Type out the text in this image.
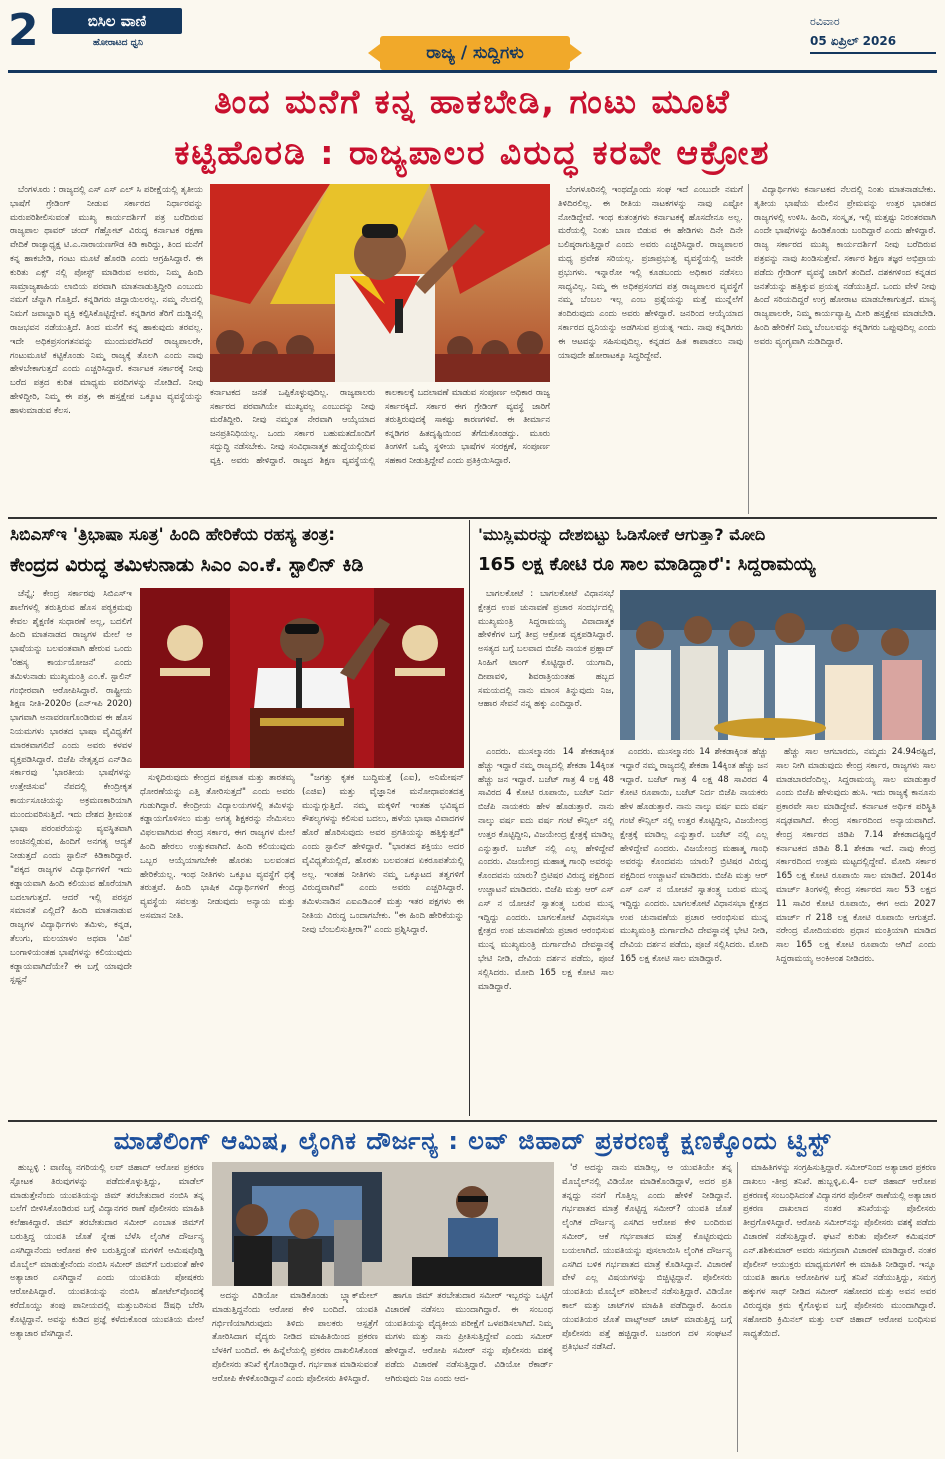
2	ಬಿಸಿಲ ವಾಣಿ
ಹೋರಾಟದ ಧ್ವನಿ	ರಾಜ್ಯ / ಸುದ್ದಿಗಳು
ರವಿವಾರ
05 ಏಪ್ರಿಲ್ 2026
ತಿಂದ ಮನೆಗೆ ಕನ್ನ ಹಾಕಬೇಡಿ, ಗಂಟು ಮೂಟೆ
ಕಟ್ಟಿಹೊರಡಿ : ರಾಜ್ಯಪಾಲರ ವಿರುದ್ಧ ಕರವೇ ಆಕ್ರೋಶ

ಬೆಂಗಳೂರು : ರಾಜ್ಯದಲ್ಲಿ ಎಸ್ ಎಸ್ ಎಲ್ ಸಿ ಪರೀಕ್ಷೆಯಲ್ಲಿ ತೃತೀಯ ಭಾಷೆಗೆ ಗ್ರೇಡಿಂಗ್ ನೀಡುವ ಸರ್ಕಾರದ ನಿರ್ಧಾರವನ್ನು ಮರುಪರಿಶೀಲಿಸುವಂತೆ ಮುಖ್ಯ ಕಾರ್ಯದರ್ಶಿಗೆ ಪತ್ರ ಬರೆದಿರುವ ರಾಜ್ಯಪಾಲ ಥಾವರ್ ಚಂದ್ ಗೆಹ್ಲೋಟ್ ವಿರುದ್ಧ ಕರ್ನಾಟಕ ರಕ್ಷಣಾ ವೇದಿಕೆ ರಾಜ್ಯಾಧ್ಯಕ್ಷ ಟಿ.ಎ.ನಾರಾಯಣಗೌಡ ಕಿಡಿ ಕಾರಿದ್ದು, ತಿಂದ ಮನೆಗೆ ಕನ್ನ ಹಾಕಬೇಡಿ, ಗಂಟು ಮೂಟೆ ಹೊರಡಿ ಎಂದು ಆಗ್ರಹಿಸಿದ್ದಾರೆ. ಈ ಕುರಿತು ಎಕ್ಸ್ ನಲ್ಲಿ ಪೋಸ್ಟ್ ಮಾಡಿರುವ ಅವರು, ನಿಮ್ಮ ಹಿಂದಿ ಸಾಮ್ರಾಜ್ಯಶಾಹಿಯ ಲಾಬಿಯ ಪರವಾಗಿ ಮಾತನಾಡುತ್ತಿದ್ದೀರಿ ಎಂಬುದು ನಮಗೆ ಚೆನ್ನಾಗಿ ಗೊತ್ತಿದೆ. ಕನ್ನಡಿಗರು ಜಿದ್ದಾಯಿಲರಲ್ಲ. ನಮ್ಮ ನೆಲದಲ್ಲಿ ನಿಮಗೆ ಜವಾಬ್ದಾರಿ ವ್ಯಕ್ತಿ ಕಲ್ಪಿಸಿಕೊಟ್ಟಿದ್ದೇವೆ. ಕನ್ನಡಿಗರ ತೆರಿಗೆ ದುಡ್ಡಿನಲ್ಲಿ ರಾಜಭವನ ನಡೆಯುತ್ತಿದೆ. ತಿಂದ ಮನೆಗೆ ಕನ್ನ ಹಾಕುವುದು ತರವಲ್ಲ. ಇದೇ ಅಧಿಕಪ್ರಸಂಗತನವನ್ನು ಮುಂದುವರೆಸಿದರೆ ರಾಜ್ಯಪಾಲರೇ, ಗಂಟುಮೂಟೆ ಕಟ್ಟಿಕೊಂಡು ನಿಮ್ಮ ರಾಜ್ಯಕ್ಕೆ ತೊಲಗಿ ಎಂದು ನಾವು ಹೇಳಬೇಕಾಗುತ್ತದೆ ಎಂದು ಎಚ್ಚರಿಸಿದ್ದಾರೆ. ಕರ್ನಾಟಕ ಸರ್ಕಾರಕ್ಕೆ ನೀವು ಬರೆದ ಪತ್ರದ ಕುರಿತ ಮಾಧ್ಯಮ ವರದಿಗಳನ್ನು ನೋಡಿದೆ. ನೀವು ಹೇಳಿದ್ದೀರಿ, ನಿಮ್ಮ ಈ ಪತ್ರ, ಈ ಹಸ್ತಕ್ಷೇಪ ಒಕ್ಕೂಟ ವ್ಯವಸ್ಥೆಯನ್ನು ಹಾಳುಮಾಡುವ ಕೆಲಸ.

ಕರ್ನಾಟಕದ ಜನತೆ ಒಪ್ಪಿಕೊಳ್ಳುವುದಿಲ್ಲ. ರಾಜ್ಯಪಾಲರು ಸರ್ಕಾರದ ಪರವಾಗಿಯೇ ಮುಖ್ಯವಲ್ಲ ಎಂಬುದನ್ನು ನೀವು ಮರೆತಿದ್ದೀರಿ. ನೀವು ನಮ್ಮಂತ ನೇರವಾಗಿ ಆಯ್ಕೆಯಾದ ಜನಪ್ರತಿನಿಧಿಯಲ್ಲ. ಒಂದು ಸರ್ಕಾರ ಬಹುಮತದೊಂದಿಗೆ ಸದ್ಬುದ್ಧಿ ನಡೆಸಬೇಕು. ನೀವು ಸಂವಿಧಾನಾತ್ಮಕ ಹುದ್ದೆಯಲ್ಲಿರುವ ವ್ಯಕ್ತಿ. ಅವರು ಹೇಳಿದ್ದಾರೆ. ರಾಜ್ಯದ ಶಿಕ್ಷಣ ವ್ಯವಸ್ಥೆಯಲ್ಲಿ ಕಾಲಕಾಲಕ್ಕೆ ಬದಲಾವಣೆ ಮಾಡುವ ಸಂಪೂರ್ಣ ಅಧಿಕಾರ ರಾಜ್ಯ ಸರ್ಕಾರಕ್ಕಿದೆ. ಸರ್ಕಾರ ಈಗ ಗ್ರೇಡಿಂಗ್ ವ್ಯವಸ್ಥೆ ಜಾರಿಗೆ ತರುತ್ತಿರುವುದಕ್ಕೆ ಸಾಕಷ್ಟು ಕಾರಣಗಳಿವೆ. ಈ ತೀರ್ಮಾನ ಕನ್ನಡಿಗರ ಹಿತದೃಷ್ಟಿಯಿಂದ ತೆಗೆದುಕೊಂಡದ್ದು. ಮೂರು ತಿಂಗಳಿಗೆ ಒಮ್ಮೆ ಸ್ಥಳೀಯ ಭಾಷೆಗಳ ಸಂರಕ್ಷಣೆ, ಸಂಪೂರ್ಣ ಸಹಕಾರ ನೀಡುತ್ತಿದ್ದೇವೆ ಎಂದು ಪ್ರತಿಕ್ರಿಯಿಸಿದ್ದಾರೆ.

ಬೆಂಗಳೂರಿನಲ್ಲಿ ಇಂಥದ್ದೊಂದು ಸಂಘ ಇದೆ ಎಂಬುದೇ ನಮಗೆ ತಿಳಿದಿರಲಿಲ್ಲ. ಈ ರೀತಿಯ ನಾಟಕಗಳನ್ನು ನಾವು ಎಷ್ಟೋ ನೋಡಿದ್ದೇವೆ. ಇಂಥ ಕುತಂತ್ರಗಳು ಕರ್ನಾಟಕಕ್ಕೆ ಹೊಸದೇನೂ ಅಲ್ಲ. ಮರೆಯಲ್ಲಿ ನಿಂತು ಬಾಣ ಬಿಡುವ ಈ ಹೇಡಿಗಳು ದಿನೇ ದಿನೇ ಬಲಿಷ್ಠರಾಗುತ್ತಿದ್ದಾರೆ ಎಂದು ಅವರು ಎಚ್ಚರಿಸಿದ್ದಾರೆ. ರಾಜ್ಯಪಾಲರ ಮಧ್ಯ ಪ್ರವೇಶ ಸರಿಯಲ್ಲ. ಪ್ರಜಾಪ್ರಭುತ್ವ ವ್ಯವಸ್ಥೆಯಲ್ಲಿ ಜನರೇ ಪ್ರಭುಗಳು. ಇನ್ನಾರೋ ಇಲ್ಲಿ ಕೂಡಬಂದು ಅಧಿಕಾರ ನಡೆಸಲು ಸಾಧ್ಯವಿಲ್ಲ. ನಿಮ್ಮ ಈ ಅಧಿಕಪ್ರಸಂಗದ ಪತ್ರ ರಾಜ್ಯಪಾಲರ ವ್ಯವಸ್ಥೆಗೆ ನಮ್ಮ ಬೆಂಬಲ ಇಲ್ಲ ಎಂಬ ಪ್ರಶ್ನೆಯನ್ನು ಮತ್ತೆ ಮುನ್ನೆಲೆಗೆ ತಂದಿರುವುದು ಎಂದು ಅವರು ಹೇಳಿದ್ದಾರೆ. ಜನರಿಂದ ಆಯ್ಕೆಯಾದ ಸರ್ಕಾರದ ಧ್ವನಿಯನ್ನು ಅಡಗಿಸುವ ಪ್ರಯತ್ನ ಇದು. ನಾವು ಕನ್ನಡಿಗರು ಈ ಆಟವನ್ನು ಸಹಿಸುವುದಿಲ್ಲ. ಕನ್ನಡದ ಹಿತ ಕಾಪಾಡಲು ನಾವು ಯಾವುದೇ ಹೋರಾಟಕ್ಕೂ ಸಿದ್ಧರಿದ್ದೇವೆ.

ವಿದ್ಯಾರ್ಥಿಗಳು ಕರ್ನಾಟಕದ ನೆಲದಲ್ಲಿ ನಿಂತು ಮಾತನಾಡಬೇಕು. ತೃತೀಯ ಭಾಷೆಯ ಮೇಲಿನ ಪ್ರೇಮವನ್ನು ಉತ್ತರ ಭಾರತದ ರಾಜ್ಯಗಳಲ್ಲಿ ಉಳಿಸಿ. ಹಿಂದಿ, ಸಂಸ್ಕೃತ, ಇಲ್ಲಿ ಮತ್ತಷ್ಟು ನಿರಂತರವಾಗಿ ಎಂದೇ ಭಾಷೆಗಳನ್ನು ಹಿಂಡಿಕೊಂಡು ಬಂದಿದ್ದಾರೆ ಎಂದು ಹೇಳಿದ್ದಾರೆ. ರಾಜ್ಯ ಸರ್ಕಾರದ ಮುಖ್ಯ ಕಾರ್ಯದರ್ಶಿಗೆ ನೀವು ಬರೆದಿರುವ ಪತ್ರವನ್ನು ನಾವು ಖಂಡಿಸುತ್ತೇವೆ. ಸರ್ಕಾರ ಶಿಕ್ಷಣ ತಜ್ಞರ ಅಭಿಪ್ರಾಯ ಪಡೆದು ಗ್ರೇಡಿಂಗ್ ವ್ಯವಸ್ಥೆ ಜಾರಿಗೆ ತಂದಿದೆ. ದಶಕಗಳಿಂದ ಕನ್ನಡದ ಜನತೆಯನ್ನು ಹತ್ತಿಕ್ಕುವ ಪ್ರಯತ್ನ ನಡೆಯುತ್ತಿದೆ. ಒಂದು ವೇಳೆ ನೀವು ಹಿಂದೆ ಸರಿಯದಿದ್ದರೆ ಉಗ್ರ ಹೋರಾಟ ಮಾಡಬೇಕಾಗುತ್ತದೆ. ಮಾನ್ಯ ರಾಜ್ಯಪಾಲರೇ, ನಿಮ್ಮ ಕಾರ್ಯವ್ಯಾಪ್ತಿ ಮೀರಿ ಹಸ್ತಕ್ಷೇಪ ಮಾಡಬೇಡಿ. ಹಿಂದಿ ಹೇರಿಕೆಗೆ ನಿಮ್ಮ ಬೆಂಬಲವನ್ನು ಕನ್ನಡಿಗರು ಒಪ್ಪುವುದಿಲ್ಲ ಎಂದು ಅವರು ವ್ಯಂಗ್ಯವಾಗಿ ನುಡಿದಿದ್ದಾರೆ.

ಸಿಬಿಎಸ್‌ಇ 'ತ್ರಿಭಾಷಾ ಸೂತ್ರ' ಹಿಂದಿ ಹೇರಿಕೆಯ ರಹಸ್ಯ ತಂತ್ರ:
ಕೇಂದ್ರದ ವಿರುದ್ಧ ತಮಿಳುನಾಡು ಸಿಎಂ ಎಂ.ಕೆ. ಸ್ಟಾಲಿನ್ ಕಿಡಿ

ಚೆನ್ನೈ: ಕೇಂದ್ರ ಸರ್ಕಾರವು ಸಿಬಿಎಸ್‌ಇ ಶಾಲೆಗಳಲ್ಲಿ ತರುತ್ತಿರುವ ಹೊಸ ಪಠ್ಯಕ್ರಮವು ಕೇವಲ ಶೈಕ್ಷಣಿಕ ಸುಧಾರಣೆ ಅಲ್ಲ, ಬದಲಿಗೆ ಹಿಂದಿ ಮಾತನಾಡದ ರಾಜ್ಯಗಳ ಮೇಲೆ ಆ ಭಾಷೆಯನ್ನು ಬಲವಂತವಾಗಿ ಹೇರುವ ಒಂದು 'ರಹಸ್ಯ ಕಾರ್ಯಯೋಜನೆ' ಎಂದು ತಮಿಳುನಾಡು ಮುಖ್ಯಮಂತ್ರಿ ಎಂ.ಕೆ. ಸ್ಟಾಲಿನ್ ಗಂಭೀರವಾಗಿ ಆರೋಪಿಸಿದ್ದಾರೆ. ರಾಷ್ಟ್ರೀಯ ಶಿಕ್ಷಣ ನೀತಿ-2020ರ (ಎನ್‌ಇಪಿ 2020) ಭಾಗವಾಗಿ ಅನಾವರಣಗೊಂಡಿರುವ ಈ ಹೊಸ ನಿಯಮಗಳು ಭಾರತದ ಭಾಷಾ ವೈವಿಧ್ಯತೆಗೆ ಮಾರಕವಾಗಲಿದೆ ಎಂದು ಅವರು ಕಳವಳ ವ್ಯಕ್ತಪಡಿಸಿದ್ದಾರೆ. ಬಿಜೆಪಿ ನೇತೃತ್ವದ ಎನ್‌ಡಿಎ ಸರ್ಕಾರವು 'ಭಾರತೀಯ ಭಾಷೆಗಳನ್ನು ಉತ್ತೇಜಿಸುವ' ನೆಪದಲ್ಲಿ ಕೇಂದ್ರೀಕೃತ ಕಾರ್ಯಸೂಚಿಯನ್ನು ಅಕ್ರಮಣಕಾರಿಯಾಗಿ ಮುಂದುವರಿಸುತ್ತಿದೆ. ಇದು ದೇಶದ ಶ್ರೀಮಂತ ಭಾಷಾ ಪರಂಪರೆಯನ್ನು ವ್ಯವಸ್ಥಿತವಾಗಿ ಅಂಚಿನಲ್ಲಿಡುವ, ಹಿಂದಿಗೆ ಅನಗತ್ಯ ಆದ್ಯತೆ ನೀಡುತ್ತದೆ ಎಂದು ಸ್ಟಾಲಿನ್ ಕಿಡಿಕಾರಿದ್ದಾರೆ. "ಪಕ್ಕದ ರಾಜ್ಯಗಳ ವಿದ್ಯಾರ್ಥಿಗಳಿಗೆ ಇದು ಕಡ್ಡಾಯವಾಗಿ ಹಿಂದಿ ಕಲಿಯುವ ಹೊರೆಯಾಗಿ ಬದಲಾಗುತ್ತದೆ. ಆದರೆ ಇಲ್ಲಿ ಪರಸ್ಪರ ಸಮಾನತೆ ಎಲ್ಲಿದೆ? ಹಿಂದಿ ಮಾತನಾಡುವ ರಾಜ್ಯಗಳ ವಿದ್ಯಾರ್ಥಿಗಳು ತಮಿಳು, ಕನ್ನಡ, ತೆಲುಗು, ಮಲಯಾಳಂ ಅಥವಾ 'ವಿಪ' ಬಂಗಾಳಿಯಂತಹ ಭಾಷೆಗಳನ್ನು ಕಲಿಯುವುದು ಕಡ್ಡಾಯವಾಗಿದೆಯೇ? ಈ ಬಗ್ಗೆ ಯಾವುದೇ ಸ್ಪಷ್ಟನೆ

ಸುಳ್ಳಿದಿರುವುದು ಕೇಂದ್ರದ ಪಕ್ಷಪಾತ ಮತ್ತು ತಾರತಮ್ಯ ಧೋರಣೆಯನ್ನು ಎತ್ತಿ ತೋರಿಸುತ್ತದೆ" ಎಂದು ಅವರು ಗುಡುಗಿದ್ದಾರೆ. ಕೇಂದ್ರೀಯ ವಿದ್ಯಾಲಯಗಳಲ್ಲಿ ತಮಿಳನ್ನು ಕಡ್ಡಾಯಗೊಳಿಸಲು ಮತ್ತು ಅಗತ್ಯ ಶಿಕ್ಷಕರನ್ನು ನೇಮಿಸಲು ವಿಫಲವಾಗಿರುವ ಕೇಂದ್ರ ಸರ್ಕಾರ, ಈಗ ರಾಜ್ಯಗಳ ಮೇಲೆ ಹಿಂದಿ ಹೇರಲು ಉತ್ಸುಕವಾಗಿದೆ. ಹಿಂದಿ ಕಲಿಯುವುದು ಒಬ್ಬರ ಆಯ್ಕೆಯಾಗಬೇಕೇ ಹೊರತು ಬಲವಂತದ ಹೇರಿಕೆಯಲ್ಲ. ಇಂಥ ನೀತಿಗಳು ಒಕ್ಕೂಟ ವ್ಯವಸ್ಥೆಗೆ ಧಕ್ಕೆ ತರುತ್ತವೆ. ಹಿಂದಿ ಭಾಷಿಕ ವಿದ್ಯಾರ್ಥಿಗಳಿಗೆ ಕೇಂದ್ರ ವ್ಯವಸ್ಥೆಯ ಸವಲತ್ತು ನೀಡುವುದು ಅನ್ಯಾಯ ಮತ್ತು ಅಸಮಾನ ನೀತಿ.

"ಜಗತ್ತು ಕೃತಕ ಬುದ್ಧಿಮತ್ತೆ (ಎಐ), ಅನಿಮೇಷನ್ (ಎಜಿಐ) ಮತ್ತು ವೈಜ್ಞಾನಿಕ ಮನೋಧಾವಂತದತ್ತ ಮುನ್ನುಗ್ಗುತ್ತಿದೆ. ನಮ್ಮ ಮಕ್ಕಳಿಗೆ ಇಂತಹ ಭವಿಷ್ಯದ ಕೌಶಲ್ಯಗಳನ್ನು ಕಲಿಸುವ ಬದಲು, ಹಳೆಯ ಭಾಷಾ ವಿವಾದಗಳ ಹೊರೆ ಹೊರಿಸುವುದು ಅವರ ಪ್ರಗತಿಯನ್ನು ಹತ್ತಿಕ್ಕುತ್ತದೆ" ಎಂದು ಸ್ಟಾಲಿನ್ ಹೇಳಿದ್ದಾರೆ. "ಭಾರತದ ಶಕ್ತಿಯು ಅದರ ವೈವಿಧ್ಯತೆಯಲ್ಲಿದೆ, ಹೊರತು ಬಲವಂತದ ಏಕರೂಪತೆಯಲ್ಲಿ ಅಲ್ಲ. ಇಂತಹ ನೀತಿಗಳು ನಮ್ಮ ಒಕ್ಕೂಟದ ತತ್ವಗಳಿಗೆ ವಿರುದ್ಧವಾಗಿವೆ" ಎಂದು ಅವರು ಎಚ್ಚರಿಸಿದ್ದಾರೆ. ತಮಿಳುನಾಡಿನ ಎಐಎಡಿಎಂಕೆ ಮತ್ತು ಇತರ ಪಕ್ಷಗಳು ಈ ನೀತಿಯ ವಿರುದ್ಧ ಒಂದಾಗಬೇಕು. "ಈ ಹಿಂದಿ ಹೇರಿಕೆಯನ್ನು ನೀವು ಬೆಂಬಲಿಸುತ್ತೀರಾ?" ಎಂದು ಪ್ರಶ್ನಿಸಿದ್ದಾರೆ.

'ಮುಸ್ಲಿಮರನ್ನು ದೇಶಬಿಟ್ಟು ಓಡಿಸೋಕೆ ಆಗುತ್ತಾ? ಮೋದಿ
165 ಲಕ್ಷ ಕೋಟಿ ರೂ ಸಾಲ ಮಾಡಿದ್ದಾರೆ': ಸಿದ್ದರಾಮಯ್ಯ

ಬಾಗಲಕೋಟೆ : ಬಾಗಲಕೋಟೆ ವಿಧಾನಸಭೆ ಕ್ಷೇತ್ರದ ಉಪ ಚುನಾವಣೆ ಪ್ರಚಾರ ಸಂದರ್ಭದಲ್ಲಿ ಮುಖ್ಯಮಂತ್ರಿ ಸಿದ್ದರಾಮಯ್ಯ ವಿವಾದಾತ್ಮಕ ಹೇಳಿಕೆಗಳ ಬಗ್ಗೆ ತೀವ್ರ ಆಕ್ರೋಶ ವ್ಯಕ್ತಪಡಿಸಿದ್ದಾರೆ. ಅಸತ್ಯದ ಬಗ್ಗೆ ಬಲವಾದ ಬಿಜೆಪಿ ನಾಯಕ ಪ್ರಹ್ಲಾದ್ ಸಿಂಹಿಗೆ ಟಾಂಗ್ ಕೊಟ್ಟಿದ್ದಾರೆ. ಯುಗಾದಿ, ದೀಪಾವಳಿ, ಶಿವರಾತ್ರಿಯಂತಹ ಹಬ್ಬದ ಸಮಯದಲ್ಲಿ ನಾನು ಮಾಂಸ ತಿನ್ನುವುದು ನಿಜ, ಆಹಾರ ಸೇವನೆ ನನ್ನ ಹಕ್ಕು ಎಂದಿದ್ದಾರೆ.

ಎಂದರು. ಮುಸಲ್ಮಾನರು 14 ಶೇಕಡಾಕ್ಕಿಂತ ಹೆಚ್ಚು ಇದ್ದಾರೆ ನಮ್ಮ ರಾಜ್ಯದಲ್ಲಿ ಶೇಕಡಾ 14ಕ್ಕಿಂತ ಹೆಚ್ಚು ಜನ ಇದ್ದಾರೆ. ಬಜೆಟ್ ಗಾತ್ರ 4 ಲಕ್ಷ 48 ಸಾವಿರದ 4 ಕೋಟಿ ರೂಪಾಯಿ, ಬಜೆಟ್ ನಿರ್ದ ಬಿಜೆಪಿ ನಾಯಕರು ಹೇಳ ಹೊಡುತ್ತಾರೆ. ನಾನು ನಾಲ್ಕು ವರ್ಷ ಐದು ವರ್ಷ ಗಂಟೆ ಕೌನ್ಸಿಲ್ ನಲ್ಲಿ ಉತ್ತರ ಕೊಟ್ಟಿದ್ದೀನಿ, ವಿಜಯೇಂದ್ರ ಕ್ಷೇತ್ರಕ್ಕೆ ಮಾಡಿಲ್ಲ ಎನ್ನುತ್ತಾರೆ. ಬಜೆಟ್ ನಲ್ಲಿ ಎಲ್ಲ ಹೇಳಿದ್ದೇವೆ ಎಂದರು. ವಿಜಯೇಂದ್ರ ಮಹಾತ್ಮ ಗಾಂಧಿ ಅವರನ್ನು ಕೊಂದವನು ಯಾರು? ಬ್ರಿಟಿಷರ ವಿರುದ್ಧ ಪಕ್ಷದಿಂದ ಉಚ್ಚಾಟನೆ ಮಾಡಿದರು. ಬಿಜೆಪಿ ಮತ್ತು ಆರ್ ಎಸ್ ಎಸ್ ನ ಯೋಚನೆ ಸ್ವಾತಂತ್ರ್ಯ ಬರುವ ಮುನ್ನ ಇದ್ದಿದ್ದು ಎಂದರು. ಬಾಗಲಕೋಟೆ ವಿಧಾನಸಭಾ ಕ್ಷೇತ್ರದ ಉಪ ಚುನಾವಣೆಯ ಪ್ರಚಾರ ಆರಂಭಿಸುವ ಮುನ್ನ ಮುಖ್ಯಮಂತ್ರಿ ದುರ್ಗಾದೇವಿ ದೇವಸ್ಥಾನಕ್ಕೆ ಭೇಟಿ ನೀಡಿ, ದೇವಿಯ ದರ್ಶನ ಪಡೆದು, ಪೂಜೆ ಸಲ್ಲಿಸಿದರು. ಮೋದಿ 165 ಲಕ್ಷ ಕೋಟಿ ಸಾಲ ಮಾಡಿದ್ದಾರೆ.

ಎಂದರು. ಮುಸಲ್ಮಾನರು 14 ಶೇಕಡಾಕ್ಕಿಂತ ಹೆಚ್ಚು ಇದ್ದಾರೆ ನಮ್ಮ ರಾಜ್ಯದಲ್ಲಿ ಶೇಕಡಾ 14ಕ್ಕಿಂತ ಹೆಚ್ಚು ಜನ ಇದ್ದಾರೆ. ಬಜೆಟ್ ಗಾತ್ರ 4 ಲಕ್ಷ 48 ಸಾವಿರದ 4 ಕೋಟಿ ರೂಪಾಯಿ, ಬಜೆಟ್ ನಿರ್ದ ಬಿಜೆಪಿ ನಾಯಕರು ಹೇಳ ಹೊಡುತ್ತಾರೆ. ನಾನು ನಾಲ್ಕು ವರ್ಷ ಐದು ವರ್ಷ ಗಂಟೆ ಕೌನ್ಸಿಲ್ ನಲ್ಲಿ ಉತ್ತರ ಕೊಟ್ಟಿದ್ದೀನಿ, ವಿಜಯೇಂದ್ರ ಕ್ಷೇತ್ರಕ್ಕೆ ಮಾಡಿಲ್ಲ ಎನ್ನುತ್ತಾರೆ. ಬಜೆಟ್ ನಲ್ಲಿ ಎಲ್ಲ ಹೇಳಿದ್ದೇವೆ ಎಂದರು. ವಿಜಯೇಂದ್ರ ಮಹಾತ್ಮ ಗಾಂಧಿ ಅವರನ್ನು ಕೊಂದವನು ಯಾರು? ಬ್ರಿಟಿಷರ ವಿರುದ್ಧ ಪಕ್ಷದಿಂದ ಉಚ್ಚಾಟನೆ ಮಾಡಿದರು. ಬಿಜೆಪಿ ಮತ್ತು ಆರ್ ಎಸ್ ಎಸ್ ನ ಯೋಚನೆ ಸ್ವಾತಂತ್ರ್ಯ ಬರುವ ಮುನ್ನ ಇದ್ದಿದ್ದು ಎಂದರು. ಬಾಗಲಕೋಟೆ ವಿಧಾನಸಭಾ ಕ್ಷೇತ್ರದ ಉಪ ಚುನಾವಣೆಯ ಪ್ರಚಾರ ಆರಂಭಿಸುವ ಮುನ್ನ ಮುಖ್ಯಮಂತ್ರಿ ದುರ್ಗಾದೇವಿ ದೇವಸ್ಥಾನಕ್ಕೆ ಭೇಟಿ ನೀಡಿ, ದೇವಿಯ ದರ್ಶನ ಪಡೆದು, ಪೂಜೆ ಸಲ್ಲಿಸಿದರು. ಮೋದಿ 165 ಲಕ್ಷ ಕೋಟಿ ಸಾಲ ಮಾಡಿದ್ದಾರೆ.

ಹೆಚ್ಚು ಸಾಲ ಆಗಬಾರದು, ನಮ್ಮದು 24.94ರಷ್ಟಿದೆ, ಸಾಲ ನೀಗಿ ಮಾಡುವುದು ಕೇಂದ್ರ ಸರ್ಕಾರ, ರಾಜ್ಯಗಳು ಸಾಲ ಮಾಡಬಾರದೆಂದಿಲ್ಲ. ಸಿದ್ದರಾಮಯ್ಯ ಸಾಲ ಮಾಡುತ್ತಾರೆ ಎಂದು ಬಿಜೆಪಿ ಹೇಳುವುದು ಹುಸಿ. ಇದು ರಾಜ್ಯಕ್ಕೆ ಕಾನೂನು ಪ್ರಕಾರವೇ ಸಾಲ ಮಾಡಿದ್ದೇವೆ. ಕರ್ನಾಟಕ ಅರ್ಥಿಕ ಪರಿಸ್ಥಿತಿ ಸದೃಢವಾಗಿದೆ. ಕೇಂದ್ರ ಸರ್ಕಾರದಿಂದ ಅನ್ಯಾಯವಾಗಿದೆ. ಕೇಂದ್ರ ಸರ್ಕಾರದ ಜಿಡಿಪಿ 7.14 ಶೇಕಡಾದಷ್ಟಿದ್ದರೆ ಕರ್ನಾಟಕದ ಜಿಡಿಪಿ 8.1 ಶೇಕಡಾ ಇದೆ. ನಾವು ಕೇಂದ್ರ ಸರ್ಕಾರದಿಂದ ಉತ್ತಮ ಮಟ್ಟದಲ್ಲಿದ್ದೇವೆ. ಮೋದಿ ಸರ್ಕಾರ 165 ಲಕ್ಷ ಕೋಟಿ ರೂಪಾಯಿ ಸಾಲ ಮಾಡಿದೆ. 2014ರ ಮಾರ್ಚ್ ತಿಂಗಳಲ್ಲಿ ಕೇಂದ್ರ ಸರ್ಕಾರದ ಸಾಲ 53 ಲಕ್ಷದ 11 ಸಾವಿರ ಕೋಟಿ ರೂಪಾಯಿ, ಈಗ ಅದು 2027 ಮಾರ್ಚ್ ಗೆ 218 ಲಕ್ಷ ಕೋಟಿ ರೂಪಾಯಿ ಆಗುತ್ತದೆ. ನರೇಂದ್ರ ಮೋದಿಯವರು ಪ್ರಧಾನ ಮಂತ್ರಿಯಾಗಿ ಮಾಡಿದ ಸಾಲ 165 ಲಕ್ಷ ಕೋಟಿ ರೂಪಾಯಿ ಆಗಿದೆ ಎಂದು ಸಿದ್ದರಾಮಯ್ಯ ಅಂಕಿಅಂಶ ನೀಡಿದರು.

ಮಾಡೆಲಿಂಗ್ ಆಮಿಷ, ಲೈಂಗಿಕ ದೌರ್ಜನ್ಯ : ಲವ್ ಜಿಹಾದ್ ಪ್ರಕರಣಕ್ಕೆ ಕ್ಷಣಕ್ಕೊಂದು ಟ್ವಿಸ್ಟ್

ಹುಬ್ಬಳ್ಳಿ : ವಾಣಿಜ್ಯ ನಗರಿಯಲ್ಲಿ ಲವ್ ಜಿಹಾದ್ ಆರೋಪ ಪ್ರಕರಣ ಸ್ಫೋಟಕ ತಿರುವುಗಳನ್ನು ಪಡೆದುಕೊಳ್ಳುತ್ತಿದ್ದು, ಮಾಡೆಲ್ ಮಾಡುತ್ತೇನೆಂದು ಯುವತಿಯನ್ನು ಜಿಮ್ ತರಬೇತುದಾರ ನಂಬಿಸಿ ತನ್ನ ಬಲೆಗೆ ಬೀಳಿಸಿಕೊಂಡಿರುವ ಬಗ್ಗೆ ವಿದ್ಯಾನಗರ ಠಾಣೆ ಪೊಲೀಸರು ಮಾಹಿತಿ ಕಲೆಹಾಕಿದ್ದಾರೆ. ಜಿಮ್ ತರಬೇತುದಾರ ಸಮೀರ್ ಎಂಬಾತ ಜಿಮ್‌ಗೆ ಬರುತ್ತಿದ್ದ ಯುವತಿ ಜೊತೆ ಸ್ನೇಹ ಬೆಳೆಸಿ ಲೈಂಗಿಕ ದೌರ್ಜನ್ಯ ಎಸಗಿದ್ದಾನೆಂದು ಆರೋಪ ಕೇಳಿ ಬರುತ್ತಿದ್ದಂತೆ ಮಗಳಿಗೆ ಆಮಿಷವೊಡ್ಡಿ ಮೊಬೈಲ್ ಮಾಡುತ್ತೇನೆಂದು ನಂಬಿಸಿ ಸಮೀರ್ ಜಿಮ್‌ಗೆ ಬರುವಂತೆ ಹೇಳಿ ಅತ್ಯಾಚಾರ ಎಸಗಿದ್ದಾನೆ ಎಂದು ಯುವತಿಯ ಪೋಷಕರು ಆರೋಪಿಸಿದ್ದಾರೆ. ಯುವತಿಯನ್ನು ನಂಬಿಸಿ ಹೋಟೆಲ್‌ವೊಂದಕ್ಕೆ ಕರೆದೊಯ್ದು ತಂಪು ಪಾನೀಯದಲ್ಲಿ ಮತ್ತುಬರಿಸುವ ಔಷಧಿ ಬೆರೆಸಿ ಕೊಟ್ಟಿದ್ದಾನೆ. ಅವನ್ನು ಕುಡಿದ ಪ್ರಜ್ಞೆ ಕಳೆದುಕೊಂಡ ಯುವತಿಯ ಮೇಲೆ ಅತ್ಯಾಚಾರ ವೆಸಗಿದ್ದಾನೆ.

ಅದನ್ನು ವಿಡಿಯೋ ಮಾಡಿಕೊಂಡು ಬ್ಲ್ಯಾಕ್‌ಮೇಲ್ ಮಾಡುತ್ತಿದ್ದನೆಂದು ಆರೋಪ ಕೇಳಿ ಬಂದಿದೆ. ಯುವತಿ ಗರ್ಭಿಣಿಯಾಗಿರುವುದು ತಿಳಿದು ಪಾಲಕರು ಆಸ್ಪತ್ರೆಗೆ ತೋರಿಸಿದಾಗ ವೈದ್ಯರು ನೀಡಿದ ಮಾಹಿತಿಯಿಂದ ಪ್ರಕರಣ ಬೆಳಕಿಗೆ ಬಂದಿದೆ. ಈ ಹಿನ್ನೆಲೆಯಲ್ಲಿ ಪ್ರಕರಣ ದಾಖಲಿಸಿಕೊಂಡ ಪೊಲೀಸರು ತನಿಖೆ ಕೈಗೊಂಡಿದ್ದಾರೆ. ಗರ್ಭಪಾತ ಮಾಡಿಸುವಂತೆ ಆರೋಪಿ ಕೇಳಿಕೊಂಡಿದ್ದಾನೆ ಎಂದು ಪೊಲೀಸರು ತಿಳಿಸಿದ್ದಾರೆ.

ಹಾಗೂ ಜಿಮ್ ತರಬೇತುದಾರ ಸಮೀರ್ ಇಬ್ಬರನ್ನು ಒಟ್ಟಿಗೆ ವಿಚಾರಣೆ ನಡೆಸಲು ಮುಂದಾಗಿದ್ದಾರೆ. ಈ ಸಂಬಂಧ ಯುವತಿಯನ್ನು ವೈದ್ಯಕೀಯ ಪರೀಕ್ಷೆಗೆ ಒಳಪಡಿಸಲಾಗಿದೆ. ನಿಮ್ಮ ಮಗಳು ಮತ್ತು ನಾನು ಪ್ರೀತಿಸುತ್ತಿದ್ದೇವೆ ಎಂದು ಸಮೀರ್ ಹೇಳಿದ್ದಾನೆ. ಆರೋಪಿ ಸಮೀರ್ ನನ್ನು ಪೊಲೀಸರು ವಶಕ್ಕೆ ಪಡೆದು ವಿಚಾರಣೆ ನಡೆಸುತ್ತಿದ್ದಾರೆ. ವಿಡಿಯೋ ರೆಕಾರ್ಡ್ ಆಗಿರುವುದು ನಿಜ ಎಂದು ಆದ-

'ರೆ ಅದನ್ನು ನಾನು ಮಾಡಿಲ್ಲ, ಆ ಯುವತಿಯೇ ತನ್ನ ಮೊಬೈಲ್‌ನಲ್ಲಿ ವಿಡಿಯೋ ಮಾಡಿಕೊಂಡಿದ್ದಾಳೆ, ಅದರ ಪ್ರತಿ ತನ್ನದ್ದು ನನಗೆ ಗೊತ್ತಿಲ್ಲ ಎಂದು ಹೇಳಿಕೆ ನೀಡಿದ್ದಾನೆ. ಗರ್ಭಪಾತದ ಮಾತ್ರೆ ಕೊಟ್ಟಿದ್ದ ಸಮೀರ್? ಯುವತಿ ಜೊತೆ ಲೈಂಗಿಕ ದೌರ್ಜನ್ಯ ಎಸಗಿದ ಆರೋಪ ಕೇಳಿ ಬಂದಿರುವ ಸಮೀರ್, ಆಕೆ ಗರ್ಭಪಾತದ ಮಾತ್ರೆ ಕೊಟ್ಟಿರುವುದು ಬಯಲಾಗಿದೆ. ಯುವತಿಯನ್ನು ಪುಸಲಾಯಿಸಿ ಲೈಂಗಿಕ ದೌರ್ಜನ್ಯ ಎಸಗಿದ ಬಳಿಕ ಗರ್ಭಪಾತದ ಮಾತ್ರೆ ಕೊಡಿಸಿದ್ದಾನೆ. ವಿಚಾರಣೆ ವೇಳೆ ಎಲ್ಲ ವಿಷಯಗಳನ್ನು ಬಿಚ್ಚಿಟ್ಟಿದ್ದಾನೆ. ಪೊಲೀಸರು ಯುವತಿಯ ಮೊಬೈಲ್ ಪರಿಶೀಲನೆ ನಡೆಸುತ್ತಿದ್ದಾರೆ. ವಿಡಿಯೋ ಕಾಲ್ ಮತ್ತು ಚಾಟ್‌ಗಳ ಮಾಹಿತಿ ಪಡೆದಿದ್ದಾರೆ. ಹಿಂದೂ ಯುವತಿಯರ ಜೊತೆ ವಾಟ್ಸ್‌ಆಪ್ ಚಾಟ್ ಮಾಡುತ್ತಿದ್ದ ಬಗ್ಗೆ ಪೊಲೀಸರು ಪತ್ತೆ ಹಚ್ಚಿದ್ದಾರೆ. ಬಜರಂಗ ದಳ ಸಂಘಟನೆ ಪ್ರತಿಭಟನೆ ನಡೆಸಿದೆ.

ಮಾಹಿತಿಗಳನ್ನು ಸಂಗ್ರಹಿಸುತ್ತಿದ್ದಾರೆ. ಸಮೀರ್‌ನಿಂದ ಅತ್ಯಾಚಾರ ಪ್ರಕರಣ ದಾಖಲು -ತೀವ್ರ ತನಿಖೆ. ಹುಬ್ಬಳ್ಳಿ,ಏ.4- ಲವ್ ಜಿಹಾದ್ ಆರೋಪ ಪ್ರಕರಣಕ್ಕೆ ಸಂಬಂಧಿಸಿದಂತೆ ವಿದ್ಯಾನಗರ ಪೊಲೀಸ್ ಠಾಣೆಯಲ್ಲಿ ಅತ್ಯಾಚಾರ ಪ್ರಕರಣ ದಾಖಲಾದ ನಂತರ ತನಿಖೆಯನ್ನು ಪೊಲೀಸರು ತೀವ್ರಗೊಳಿಸಿದ್ದಾರೆ. ಆರೋಪಿ ಸಮೀರ್‌ನನ್ನು ಪೊಲೀಸರು ವಶಕ್ಕೆ ಪಡೆದು ವಿಚಾರಣೆ ನಡೆಸುತ್ತಿದ್ದಾರೆ. ಘಟನೆ ಕುರಿತು ಪೊಲೀಸ್ ಕಮಿಷನರ್ ಎನ್.ಶಶಿಕುಮಾರ್ ಅವರು ಸಮಗ್ರವಾಗಿ ವಿಚಾರಣೆ ಮಾಡಿದ್ದಾರೆ. ನಂತರ ಪೊಲೀಸ್ ಆಯುಕ್ತರು ಮಾಧ್ಯಮಗಳಿಗೆ ಈ ಮಾಹಿತಿ ನೀಡಿದ್ದಾರೆ. ಇನ್ನೂ ಯುವತಿ ಹಾಗೂ ಆರೋಪಿಗಳ ಬಗ್ಗೆ ತನಿಖೆ ನಡೆಯುತ್ತಿದ್ದು, ಸಮಗ್ರ ಹಕ್ಕುಗಳ ಸಾಥ್ ನೀಡಿದ ಸಮೀರ್ ಸಹೋದರ ಮತ್ತು ಅವನ ಅವರ ವಿರುದ್ಧವೂ ಕ್ರಮ ಕೈಗೊಳ್ಳುವ ಬಗ್ಗೆ ಪೊಲೀಸರು ಮುಂದಾಗಿದ್ದಾರೆ. ಸಹೋದರಿ ಕ್ರಿಮಿನಲ್ ಮತ್ತು ಲವ್ ಜಿಹಾದ್ ಆರೋಪ ಬಂಧಿಸುವ ಸಾಧ್ಯತೆಯಿದೆ.
